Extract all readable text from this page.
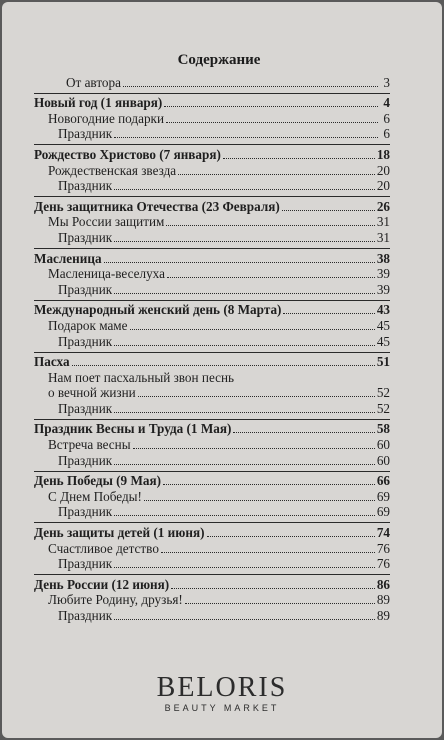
Содержание
От автора	3
Новый год (1 января)	4
Новогодние подарки	6
Праздник	6
Рождество Христово (7 января)	18
Рождественская звезда	20
Праздник	20
День защитника Отечества (23 Февраля)	26
Мы России защитим	31
Праздник	31
Масленица	38
Масленица-веселуха	39
Праздник	39
Международный женский день (8 Марта)	43
Подарок маме	45
Праздник	45
Пасха	51
Нам поет пасхальный звон песнь
о вечной жизни	52
Праздник	52
Праздник Весны и Труда (1 Мая)	58
Встреча весны	60
Праздник	60
День Победы (9 Мая)	66
С Днем Победы!	69
Праздник	69
День защиты детей (1 июня)	74
Счастливое детство	76
Праздник	76
День России (12 июня)	86
Любите Родину, друзья!	89
Праздник	89
BELORIS
BEAUTY MARKET
